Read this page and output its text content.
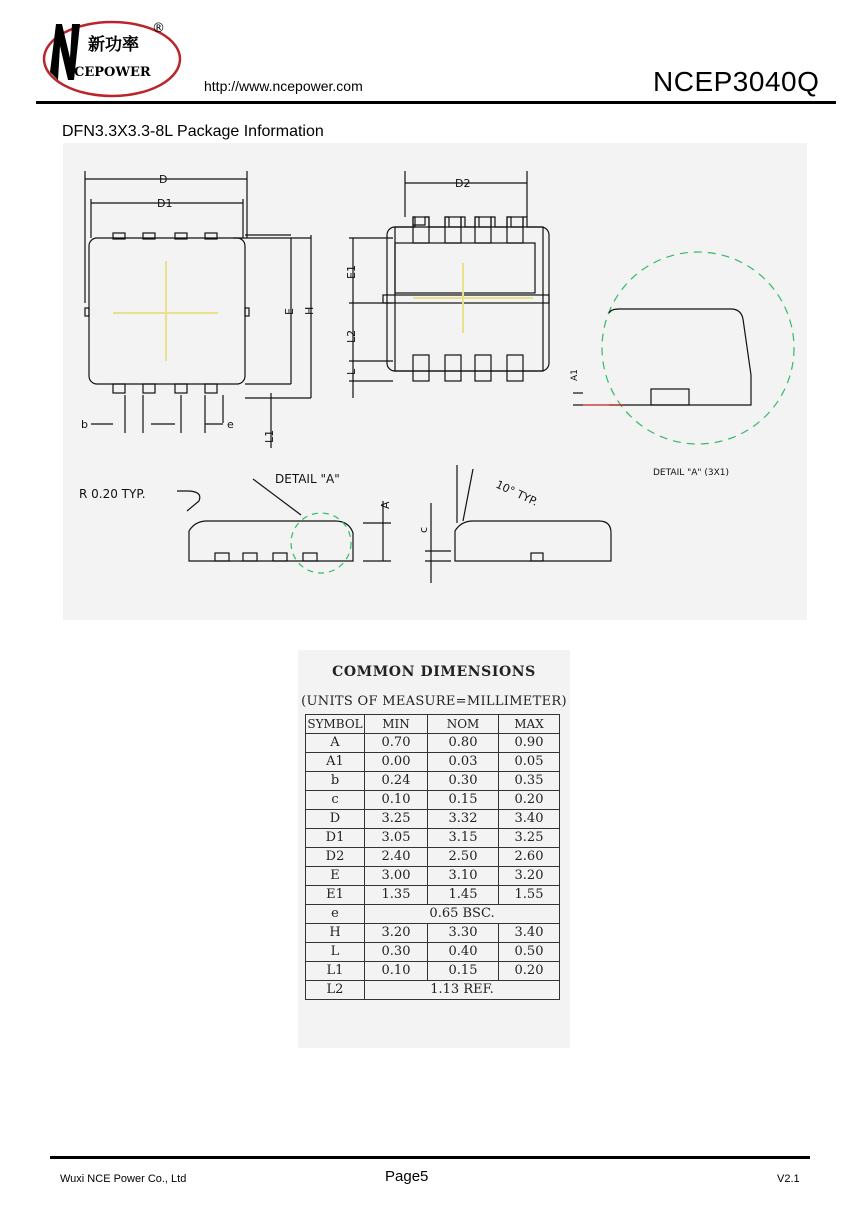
新功率
CEPOWER
®
http://www.ncepower.com	NCEP3040Q
DFN3.3X3.3-8L Package Information
D
D1
E H
L1
b	e
D2
E1
L2
L	A1
DETAIL "A" (3X1)
R 0.20 TYP.
DETAIL "A"
A
c
10° TYP.
COMMON DIMENSIONS
(UNITS OF MEASURE=MILLIMETER)
SYMBOL	MIN	NOM	MAX
A	0.70	0.80	0.90
A1	0.00	0.03	0.05
b	0.24	0.30	0.35
c	0.10	0.15	0.20
D	3.25	3.32	3.40
D1	3.05	3.15	3.25
D2	2.40	2.50	2.60
E	3.00	3.10	3.20
E1	1.35	1.45	1.55
e	0.65 BSC.		
H	3.20	3.30	3.40
L	0.30	0.40	0.50
L1	0.10	0.15	0.20
L2	1.13 REF.		
Wuxi NCE Power Co., Ltd	Page5	V2.1
